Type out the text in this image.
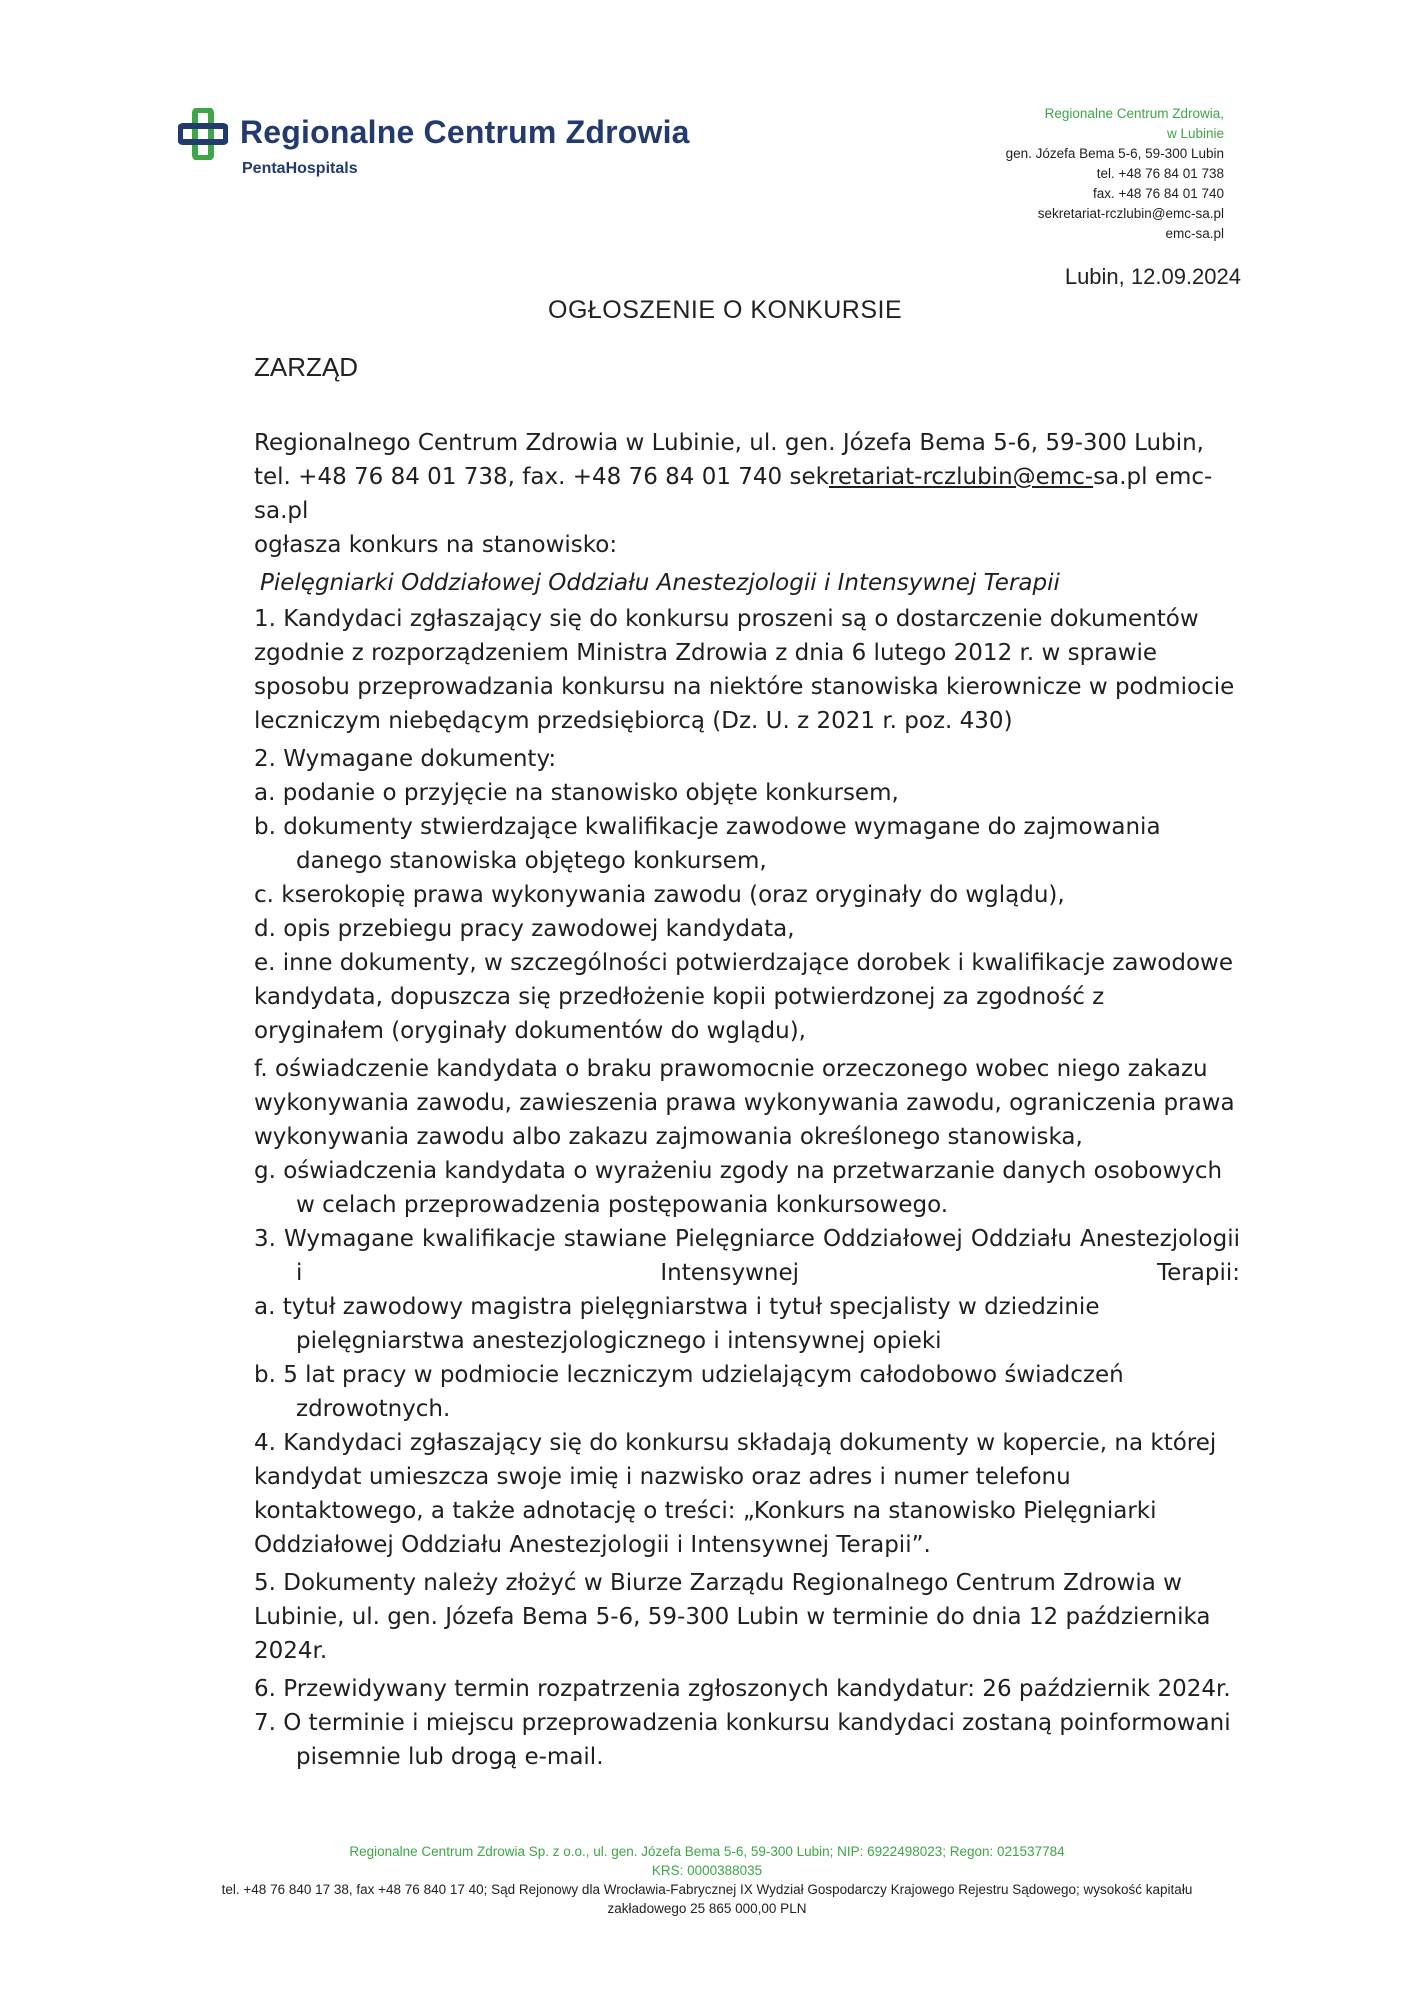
Regionalne Centrum Zdrowia
PentaHospitals
Regionalne Centrum Zdrowia,
w Lubinie
gen. Józefa Bema 5-6, 59-300 Lubin
tel. +48 76 84 01 738
fax. +48 76 84 01 740
sekretariat-rczlubin@emc-sa.pl
emc-sa.pl
Lubin, 12.09.2024
OGŁOSZENIE O KONKURSIE
ZARZĄD

Regionalnego Centrum Zdrowia w Lubinie, ul. gen. Józefa Bema 5-6, 59-300 Lubin,

tel. +48 76 84 01 738, fax. +48 76 84 01 740 sekretariat-rczlubin@emc-sa.pl emc-sa.pl

ogłasza konkurs na stanowisko:

Pielęgniarki Oddziałowej Oddziału Anestezjologii i Intensywnej Terapii

1. Kandydaci zgłaszający się do konkursu proszeni są o dostarczenie dokumentów zgodnie z rozporządzeniem Ministra Zdrowia z dnia 6 lutego 2012 r. w sprawie sposobu przeprowadzania konkursu na niektóre stanowiska kierownicze w podmiocie leczniczym niebędącym przedsiębiorcą (Dz. U. z 2021 r. poz. 430)

2. Wymagane dokumenty:

a. podanie o przyjęcie na stanowisko objęte konkursem,

b. dokumenty stwierdzające kwalifikacje zawodowe wymagane do zajmowania danego stanowiska objętego konkursem,

c. kserokopię prawa wykonywania zawodu (oraz oryginały do wglądu),

d. opis przebiegu pracy zawodowej kandydata,

e. inne dokumenty, w szczególności potwierdzające dorobek i kwalifikacje zawodowe kandydata, dopuszcza się przedłożenie kopii potwierdzonej za zgodność z oryginałem (oryginały dokumentów do wglądu),

f. oświadczenie kandydata o braku prawomocnie orzeczonego wobec niego zakazu wykonywania zawodu, zawieszenia prawa wykonywania zawodu, ograniczenia prawa wykonywania zawodu albo zakazu zajmowania określonego stanowiska,

g. oświadczenia kandydata o wyrażeniu zgody na przetwarzanie danych osobowych w celach przeprowadzenia postępowania konkursowego.

3. Wymagane kwalifikacje stawiane Pielęgniarce Oddziałowej Oddziału Anestezjologii i Intensywnej Terapii:

a. tytuł zawodowy magistra pielęgniarstwa i tytuł specjalisty w dziedzinie pielęgniarstwa anestezjologicznego i intensywnej opieki

b. 5 lat pracy w podmiocie leczniczym udzielającym całodobowo świadczeń zdrowotnych.

4. Kandydaci zgłaszający się do konkursu składają dokumenty w kopercie, na której kandydat umieszcza swoje imię i nazwisko oraz adres i numer telefonu kontaktowego, a także adnotację o treści: „Konkurs na stanowisko Pielęgniarki Oddziałowej Oddziału Anestezjologii i Intensywnej Terapii”.

5. Dokumenty należy złożyć w Biurze Zarządu Regionalnego Centrum Zdrowia w Lubinie, ul. gen. Józefa Bema 5-6, 59-300 Lubin w terminie do dnia 12 października 2024r.

6. Przewidywany termin rozpatrzenia zgłoszonych kandydatur: 26 październik 2024r.

7. O terminie i miejscu przeprowadzenia konkursu kandydaci zostaną poinformowani pisemnie lub drogą e-mail.

Regionalne Centrum Zdrowia Sp. z o.o., ul. gen. Józefa Bema 5-6, 59-300 Lubin; NIP: 6922498023; Regon: 021537784
KRS: 0000388035
tel. +48 76 840 17 38, fax +48 76 840 17 40; Sąd Rejonowy dla Wrocławia-Fabrycznej IX Wydział Gospodarczy Krajowego Rejestru Sądowego; wysokość kapitału
zakładowego 25 865 000,00 PLN
